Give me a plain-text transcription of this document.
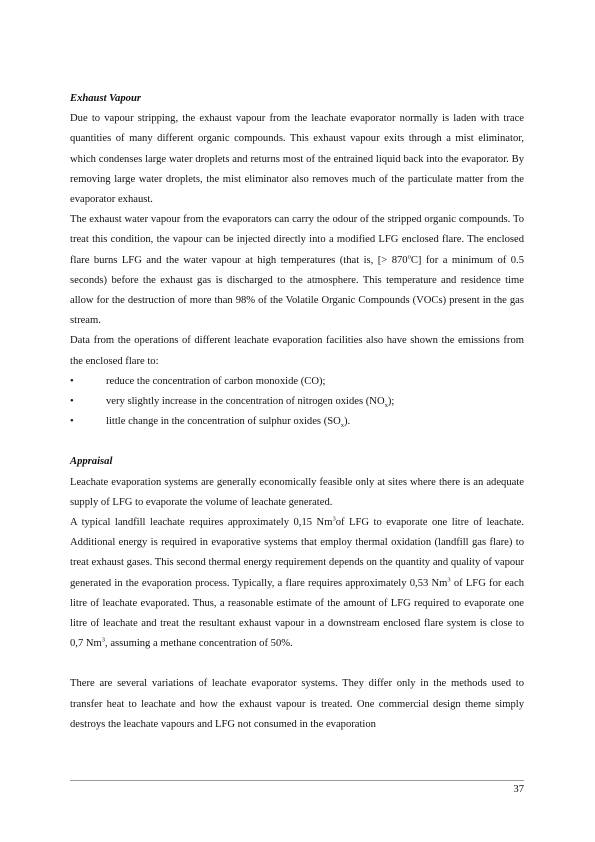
Exhaust Vapour

Due to vapour stripping, the exhaust vapour from the leachate evaporator normally is laden with trace quantities of many different organic compounds. This exhaust vapour exits through a mist eliminator, which condenses large water droplets and returns most of the entrained liquid back into the evaporator. By removing large water droplets, the mist eliminator also removes much of the particulate matter from the evaporator exhaust.

The exhaust water vapour from the evaporators can carry the odour of the stripped organic compounds. To treat this condition, the vapour can be injected directly into a modified LFG enclosed flare. The enclosed flare burns LFG and the water vapour at high temperatures (that is, [> $870^oC$] for a minimum of 0.5 seconds) before the exhaust gas is discharged to the atmosphere. This temperature and residence time allow for the destruction of more than 98% of the Volatile Organic Compounds (VOCs) present in the gas stream.

Data from the operations of different leachate evaporation facilities also have shown the emissions from the enclosed flare to:

•	reduce the concentration of carbon monoxide (CO);
•	very slightly increase in the concentration of nitrogen oxides $(NO_x)$;
•	little change in the concentration of sulphur oxides $(SO_x)$.

Appraisal

Leachate evaporation systems are generally economically feasible only at sites where there is an adequate supply of LFG to evaporate the volume of leachate generated.

A typical landfill leachate requires approximately 0,15 Nm$^3$of LFG to evaporate one litre of leachate. Additional energy is required in evaporative systems that employ thermal oxidation (landfill gas flare) to treat exhaust gases. This second thermal energy requirement depends on the quantity and quality of vapour generated in the evaporation process. Typically, a flare requires approximately 0,53 Nm$^3$ of LFG for each litre of leachate evaporated. Thus, a reasonable estimate of the amount of LFG required to evaporate one litre of leachate and treat the resultant exhaust vapour in a downstream enclosed flare system is close to 0,7 Nm$^3$, assuming a methane concentration of 50%.

There are several variations of leachate evaporator systems. They differ only in the methods used to transfer heat to leachate and how the exhaust vapour is treated. One commercial design theme simply destroys the leachate vapours and LFG not consumed in the evaporation

37
